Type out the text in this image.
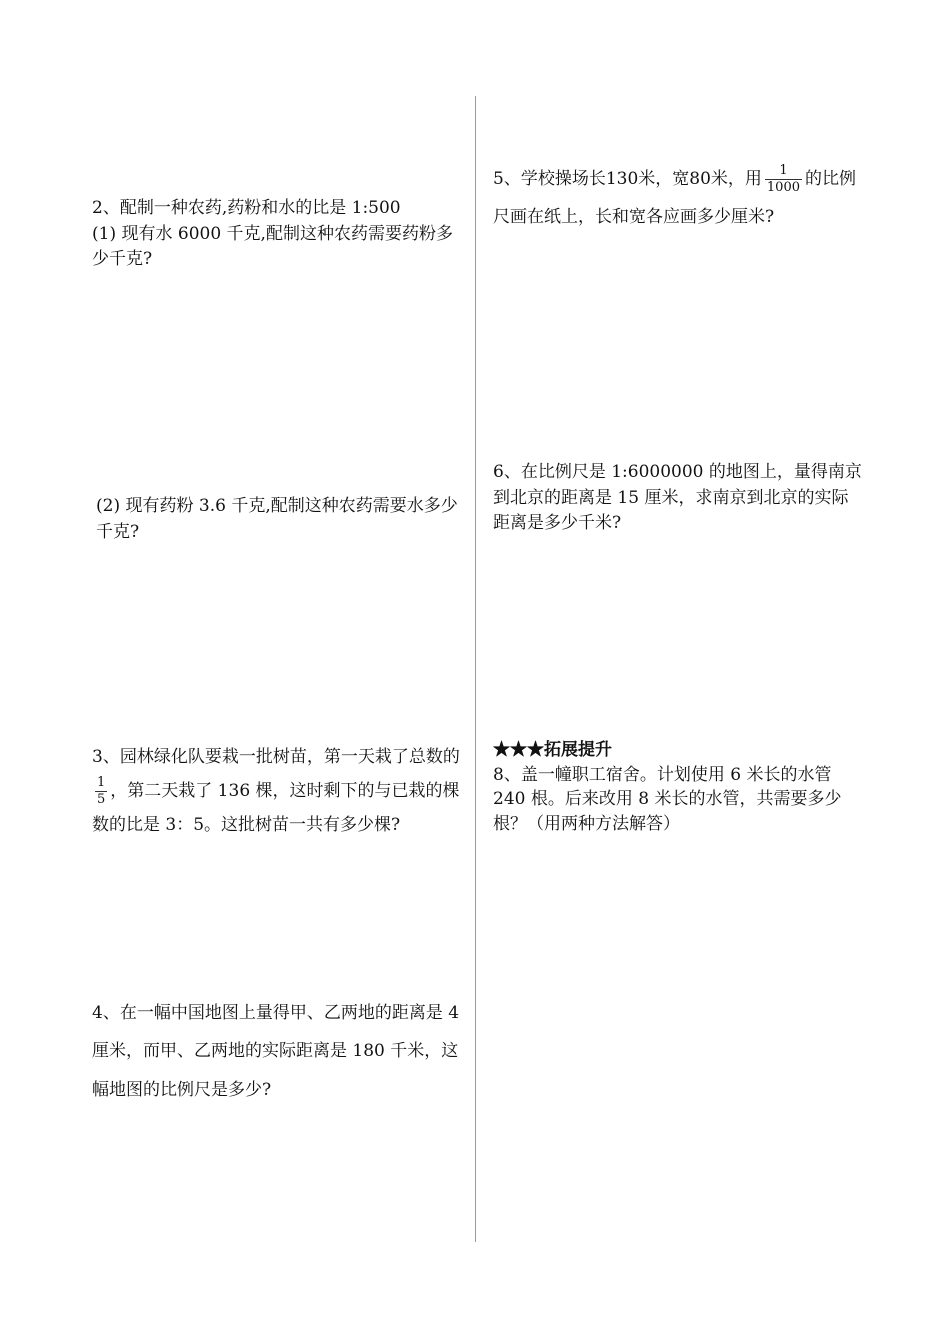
2、配制一种农药,药粉和水的比是 1:500

(1) 现有水 6000 千克,配制这种农药需要药粉多少千克?

(2) 现有药粉 3.6 千克,配制这种农药需要水多少千克?

3、园林绿化队要栽一批树苗，第一天栽了总数的
$\frac{1}{5}$ ，第二天栽了 136 棵，这时剩下的与已栽的棵数的比是 3：5。这批树苗一共有多少棵?

4、在一幅中国地图上量得甲、乙两地的距离是 4 厘米，而甲、乙两地的实际距离是 180 千米，这幅地图的比例尺是多少?

5、学校操场长130米，宽80米，用 $\frac{1}{1000}$ 的比例尺画在纸上，长和宽各应画多少厘米?

6、在比例尺是 1:6000000 的地图上，量得南京到北京的距离是 15 厘米，求南京到北京的实际距离是多少千米?

★★★拓展提升

8、盖一幢职工宿舍。计划使用 6 米长的水管 240 根。后来改用 8 米长的水管，共需要多少根？（用两种方法解答）
